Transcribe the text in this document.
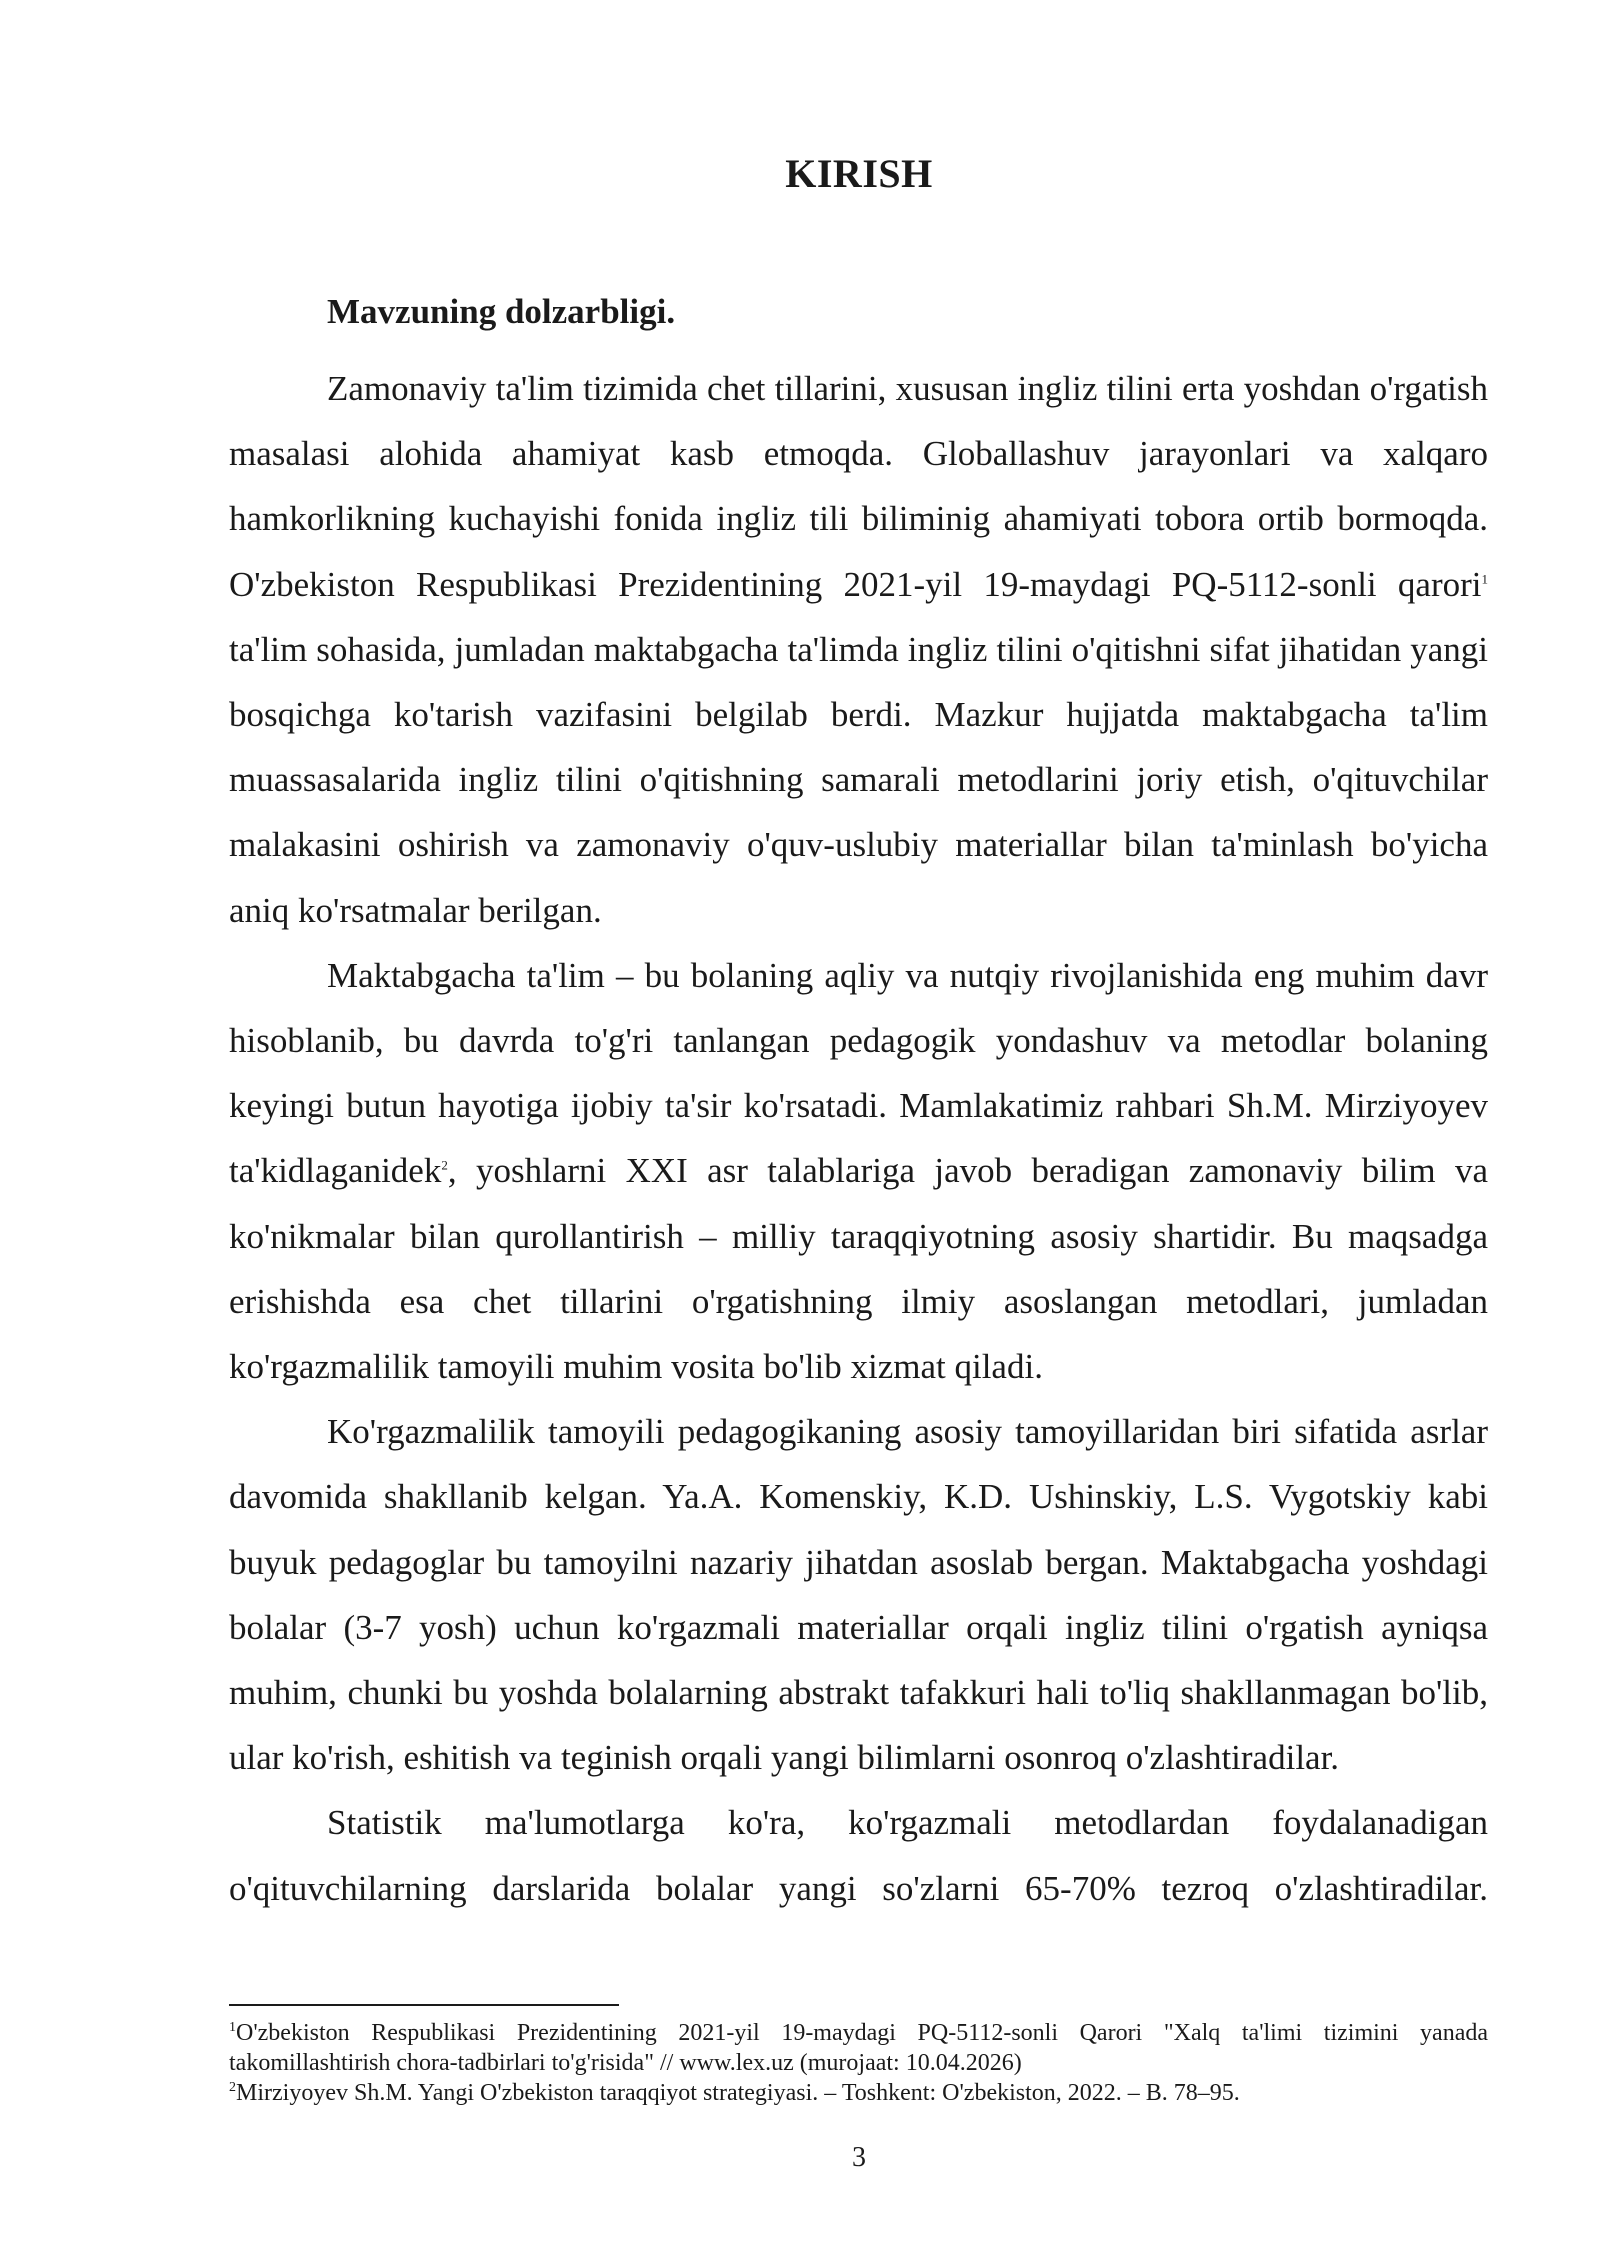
KIRISH
Mavzuning dolzarbligi.

Zamonaviy ta'lim tizimida chet tillarini, xususan ingliz tilini erta yoshdan o'rgatish masalasi alohida ahamiyat kasb etmoqda. Globallashuv jarayonlari va xalqaro hamkorlikning kuchayishi fonida ingliz tili biliminig ahamiyati tobora ortib bormoqda. O'zbekiston Respublikasi Prezidentining 2021-yil 19-maydagi PQ-5112-sonli qarori$^1$ ta'lim sohasida, jumladan maktabgacha ta'limda ingliz tilini o'qitishni sifat jihatidan yangi bosqichga ko'tarish vazifasini belgilab berdi. Mazkur hujjatda maktabgacha ta'lim muassasalarida ingliz tilini o'qitishning samarali metodlarini joriy etish, o'qituvchilar malakasini oshirish va zamonaviy o'quv-uslubiy materiallar bilan ta'minlash bo'yicha aniq ko'rsatmalar berilgan.

Maktabgacha ta'lim – bu bolaning aqliy va nutqiy rivojlanishida eng muhim davr hisoblanib, bu davrda to'g'ri tanlangan pedagogik yondashuv va metodlar bolaning keyingi butun hayotiga ijobiy ta'sir ko'rsatadi. Mamlakatimiz rahbari Sh.M. Mirziyoyev ta'kidlaganidek$^2$, yoshlarni XXI asr talablariga javob beradigan zamonaviy bilim va ko'nikmalar bilan qurollantirish – milliy taraqqiyotning asosiy shartidir. Bu maqsadga erishishda esa chet tillarini o'rgatishning ilmiy asoslangan metodlari, jumladan ko'rgazmalilik tamoyili muhim vosita bo'lib xizmat qiladi.

Ko'rgazmalilik tamoyili pedagogikaning asosiy tamoyillaridan biri sifatida asrlar davomida shakllanib kelgan. Ya.A. Komenskiy, K.D. Ushinskiy, L.S. Vygotskiy kabi buyuk pedagoglar bu tamoyilni nazariy jihatdan asoslab bergan. Maktabgacha yoshdagi bolalar (3-7 yosh) uchun ko'rgazmali materiallar orqali ingliz tilini o'rgatish ayniqsa muhim, chunki bu yoshda bolalarning abstrakt tafakkuri hali to'liq shakllanmagan bo'lib, ular ko'rish, eshitish va teginish orqali yangi bilimlarni osonroq o'zlashtiradilar.

Statistik ma'lumotlarga ko'ra, ko'rgazmali metodlardan foydalanadigan o'qituvchilarning darslarida bolalar yangi so'zlarni 65-70% tezroq o'zlashtiradilar.

$^1$O'zbekiston Respublikasi Prezidentining 2021-yil 19-maydagi PQ-5112-sonli Qarori "Xalq ta'limi tizimini yanada takomillashtirish chora-tadbirlari to'g'risida" // www.lex.uz (murojaat: 10.04.2026)

$^2$Mirziyoyev Sh.M. Yangi O'zbekiston taraqqiyot strategiyasi. – Toshkent: O'zbekiston, 2022. – B. 78–95.

3
